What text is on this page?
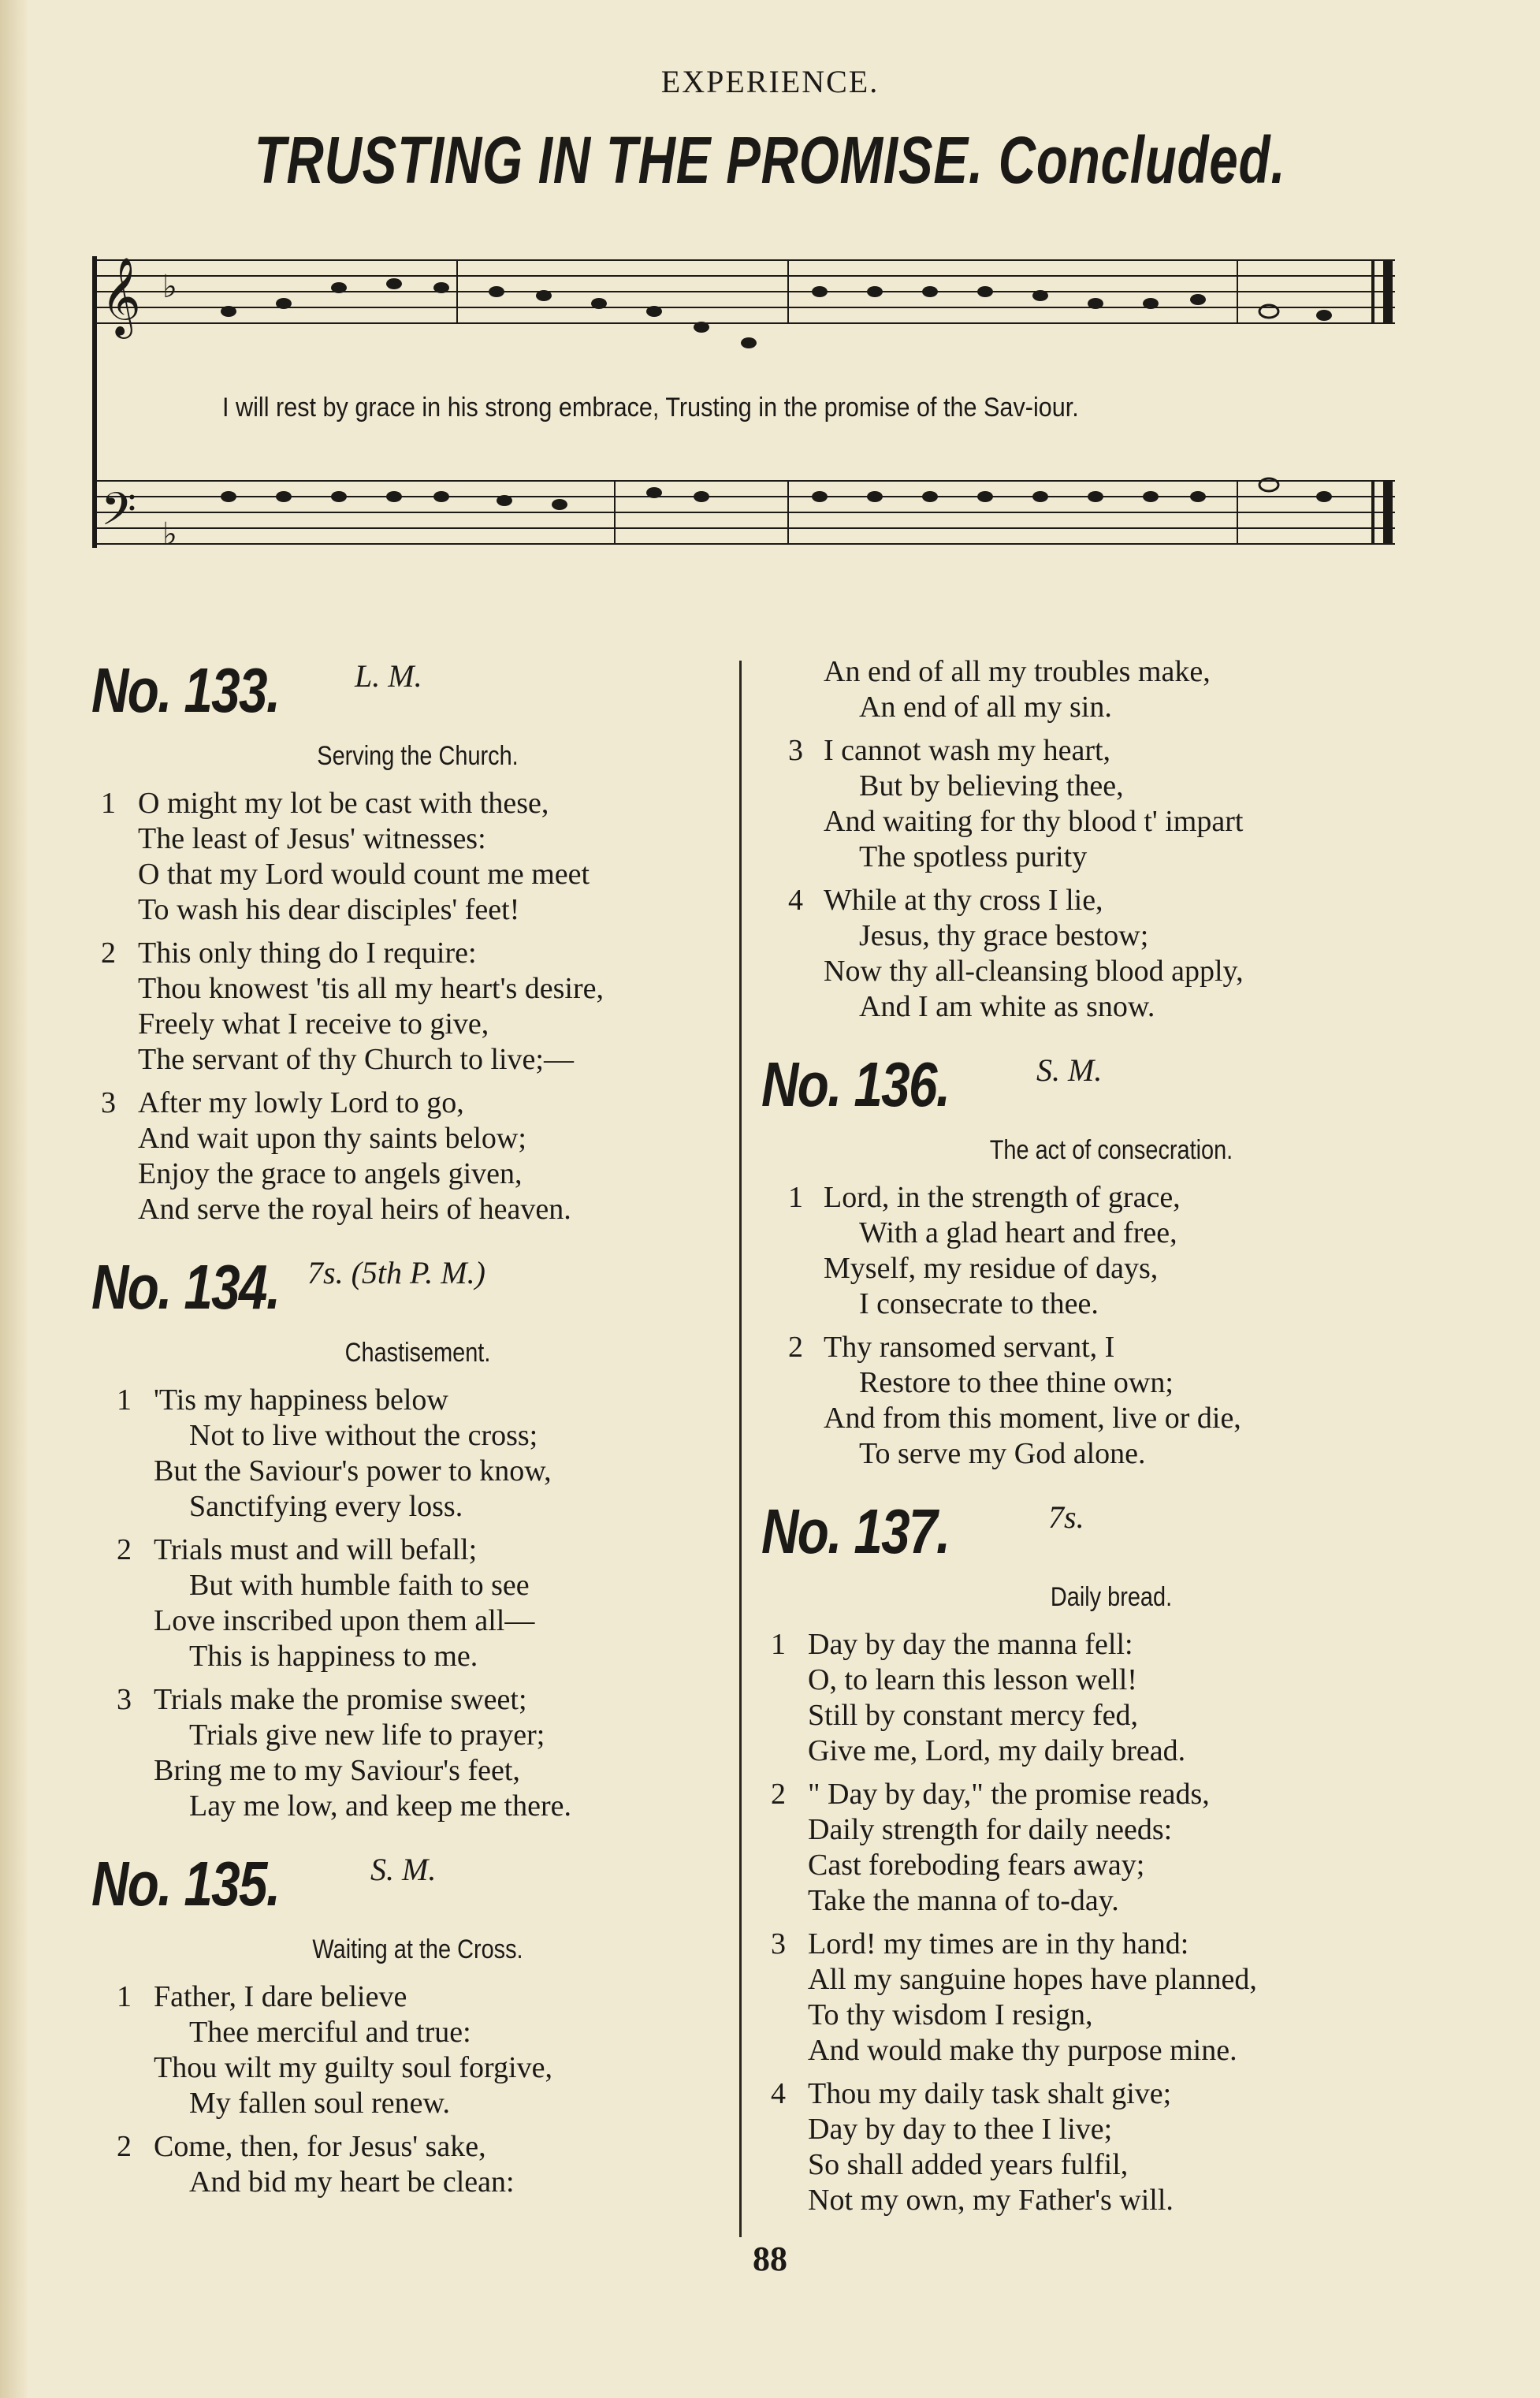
EXPERIENCE.
TRUSTING IN THE PROMISE. Concluded.
𝄞
𝄢
♭
♭
I will rest by grace in his strong embrace, Trusting in the promise of the Sav-iour.
No. 133. L. M.
Serving the Church.
1 O might my lot be cast with these,
The least of Jesus' witnesses:
O that my Lord would count me meet
To wash his dear disciples' feet!
2 This only thing do I require:
Thou knowest 'tis all my heart's desire,
Freely what I receive to give,
The servant of thy Church to live;—
3 After my lowly Lord to go,
And wait upon thy saints below;
Enjoy the grace to angels given,
And serve the royal heirs of heaven.
No. 134. 7s. (5th P. M.)
Chastisement.
1 'Tis my happiness below
Not to live without the cross;
But the Saviour's power to know,
Sanctifying every loss.
2 Trials must and will befall;
But with humble faith to see
Love inscribed upon them all—
This is happiness to me.
3 Trials make the promise sweet;
Trials give new life to prayer;
Bring me to my Saviour's feet,
Lay me low, and keep me there.
No. 135.	S. M.
Waiting at the Cross.
1 Father, I dare believe
Thee merciful and true:
Thou wilt my guilty soul forgive,
My fallen soul renew.
2 Come, then, for Jesus' sake,
And bid my heart be clean:
An end of all my troubles make,
An end of all my sin.
3 I cannot wash my heart,
But by believing thee,
And waiting for thy blood t' impart
The spotless purity
4 While at thy cross I lie,
Jesus, thy grace bestow;
Now thy all-cleansing blood apply,
And I am white as snow.
No. 136.	S. M.
The act of consecration.
1 Lord, in the strength of grace,
With a glad heart and free,
Myself, my residue of days,
I consecrate to thee.
2 Thy ransomed servant, I
Restore to thee thine own;
And from this moment, live or die,
To serve my God alone.
No. 137.	7s.
Daily bread.
1 Day by day the manna fell:
O, to learn this lesson well!
Still by constant mercy fed,
Give me, Lord, my daily bread.
2 " Day by day," the promise reads,
Daily strength for daily needs:
Cast foreboding fears away;
Take the manna of to-day.
3 Lord! my times are in thy hand:
All my sanguine hopes have planned,
To thy wisdom I resign,
And would make thy purpose mine.
4 Thou my daily task shalt give;
Day by day to thee I live;
So shall added years fulfil,
Not my own, my Father's will.
88
